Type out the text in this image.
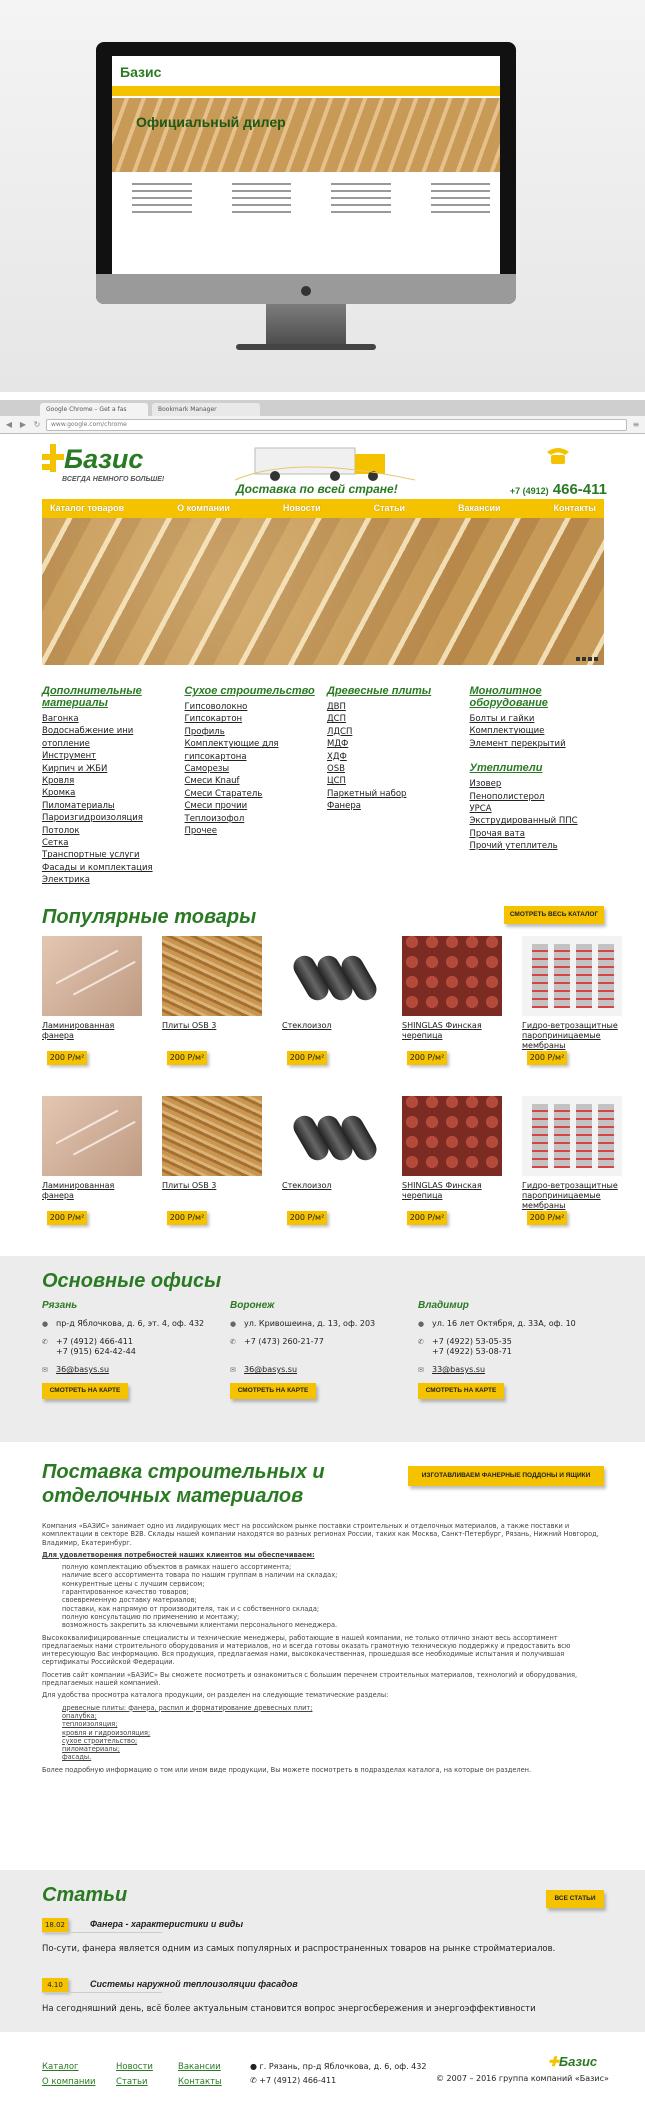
Базис
Официальный дилер
Google Chrome – Get a fas	Bookmark Manager
◀ ▶ ↻	www.google.com/chrome	≡
Базис
ВСЕГДА НЕМНОГО БОЛЬШЕ!
Доставка по всей стране!	+7 (4912) 466-411
Каталог товаров	О компании	Новости	Статьи	Вакансии	Контакты
Дополнительные материалы
Вагонка
Водоснабжение ини отопление
Инструмент
Кирпич и ЖБИ
Кровля
Кромка
Пиломатериалы
Пароизгидроизоляция
Потолок
Сетка
Транспортные услуги
Фасады и комплектация
Электрика
Сухое строительство
Гипсоволокно
Гипсокартон
Профиль
Комплектующие для гипсокартона
Саморезы
Смеси Knauf
Смеси Старатель
Смеси прочии
Теплоизофол
Прочее
Древесные плиты
ДВП
ДСП
ЛДСП
МДФ
ХДФ
OSB
ЦСП
Паркетный набор
Фанера
Монолитное оборудование
Болты и гайки
Комплектующие
Элемент перекрытий
Утеплители
Изовер
Пенополистерол
УРСА
Экструдированный ППС
Прочая вата
Прочий утеплитель
Популярные товары	СМОТРЕТЬ ВЕСЬ КАТАЛОГ
Ламинированная фанера
200 Р/м²
Плиты OSB 3
200 Р/м²
Стеклоизол
200 Р/м²
SHINGLAS Финская черепица
200 Р/м²
Гидро-ветрозащитные пароприницаемые мембраны
200 Р/м²
Ламинированная фанера
200 Р/м²
Плиты OSB 3
200 Р/м²
Стеклоизол
200 Р/м²
SHINGLAS Финская черепица
200 Р/м²
Гидро-ветрозащитные пароприницаемые мембраны
200 Р/м²
Основные офисы
Рязань
● пр-д Яблочкова, д. 6, эт. 4, оф. 432
✆ +7 (4912) 466-411
+7 (915) 624-42-44
✉ 36@basys.su
СМОТРЕТЬ НА КАРТЕ
Воронеж
● ул. Кривошеина, д. 13, оф. 203
✆ +7 (473) 260-21-77

✉ 36@basys.su
СМОТРЕТЬ НА КАРТЕ
Владимир
● ул. 16 лет Октября, д. 33А, оф. 10
✆ +7 (4922) 53-05-35
+7 (4922) 53-08-71
✉ 33@basys.su
СМОТРЕТЬ НА КАРТЕ
Поставка строительных и
отделочных материалов
ИЗГОТАВЛИВАЕМ ФАНЕРНЫЕ ПОДДОНЫ И ЯЩИКИ

Компания «БАЗИС» занимает одно из лидирующих мест на российском рынке поставки строительных и отделочных материалов, а также поставки и комплектации в секторе B2B. Склады нашей компании находятся во разных регионах России, таких как Москва, Санкт-Петербург, Рязань, Нижний Новгород, Владимир, Екатеринбург.

Для удовлетворения потребностей наших клиентов мы обеспечиваем:

полную комплектацию объектов в рамках нашего ассортимента;
наличие всего ассортимента товара по нашим группам в наличии на складах;
конкурентные цены с лучшим сервисом;
гарантированное качество товаров;
своевременную доставку материалов;
поставки, как напрямую от производителя, так и с собственного склада;
полную консультацию по применению и монтажу;
возможность закрепить за ключевыми клиентами персонального менеджера.

Высококвалифицированные специалисты и технические менеджеры, работающие в нашей компании, не только отлично знают весь ассортимент предлагаемых нами строительного оборудования и материалов, но и всегда готовы оказать грамотную техническую поддержку и предоставить всю интересующую Вас информацию. Вся продукция, предлагаемая нами, высококачественная, прошедшая все необходимые испытания и получившая сертификаты Российской Федерации.

Посетив сайт компании «БАЗИС» Вы сможете посмотреть и ознакомиться с большим перечнем строительных материалов, технологий и оборудования, предлагаемых нашей компанией.

Для удобства просмотра каталога продукции, он разделен на следующие тематические разделы:

древесные плиты: фанера, распил и форматирование древесных плит;
опалубка;
теплоизоляция;
кровля и гидроизоляция;
сухое строительство;
пиломатериалы;
фасады.

Более подробную информацию о том или ином виде продукции, Вы можете посмотреть в подразделах каталога, на которые он разделен.

Статьи	ВСЕ СТАТЬИ
18.02	Фанера - характеристики и виды
По-сути, фанера является одним из самых популярных и распространенных товаров на рынке стройматериалов.
4.10	Системы наружной теплоизоляции фасадов
На сегодняшний день, всё более актуальным становится вопрос энергосбережения и энергоэффективности
Каталог
О компании
Новости
Статьи
Вакансии
Контакты
● г. Рязань, пр-д Яблочкова, д. 6, оф. 432
✆ +7 (4912) 466-411
✚Базис
© 2007 – 2016 группа компаний «Базис»
